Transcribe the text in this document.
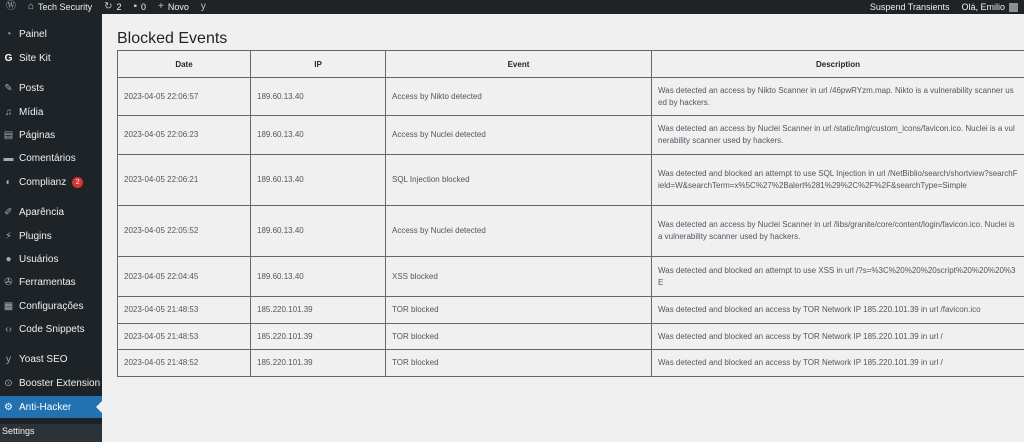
Ⓦ ⌂ Tech Security ↻ 2 ▪ 0 + Novo y	Suspend Transients Olá, Emilio
◔ Painel
G Site Kit
✎ Posts
♫ Mídia
▤ Páginas
▬ Comentários
◐ Complianz	2
✐ Aparência
⚡ Plugins
● Usuários
✇ Ferramentas
▦ Configurações
‹› Code Snippets
y Yoast SEO
⊙ Booster Extension
⚙ Anti-Hacker
Settings
Blocked Events
Date	IP	Event	Description
2023-04-05 22:06:57	189.60.13.40	Access by Nikto detected	Was detected an access by Nikto Scanner in url /46pwRYzm.map. Nikto is a vulnerability scanner used by hackers.
2023-04-05 22:06:23	189.60.13.40	Access by Nuclei detected	Was detected an access by Nuclei Scanner in url /static/img/custom_icons/favicon.ico. Nuclei is a vulnerability scanner used by hackers.
2023-04-05 22:06:21	189.60.13.40	SQL Injection blocked	Was detected and blocked an attempt to use SQL Injection in url /NetBiblio/search/shortview?searchField=W&searchTerm=x%5C%27%2Balert%281%29%2C%2F%2F&searchType=Simple
2023-04-05 22:05:52	189.60.13.40	Access by Nuclei detected	Was detected an access by Nuclei Scanner in url /libs/granite/core/content/login/favicon.ico. Nuclei is a vulnerability scanner used by hackers.
2023-04-05 22:04:45	189.60.13.40	XSS blocked	Was detected and blocked an attempt to use XSS in url /?s=%3C%20%20%20script%20%20%20%3E
2023-04-05 21:48:53	185.220.101.39	TOR blocked	Was detected and blocked an access by TOR Network IP 185.220.101.39 in url /favicon.ico
2023-04-05 21:48:53	185.220.101.39	TOR blocked	Was detected and blocked an access by TOR Network IP 185.220.101.39 in url /
2023-04-05 21:48:52	185.220.101.39	TOR blocked	Was detected and blocked an access by TOR Network IP 185.220.101.39 in url /
